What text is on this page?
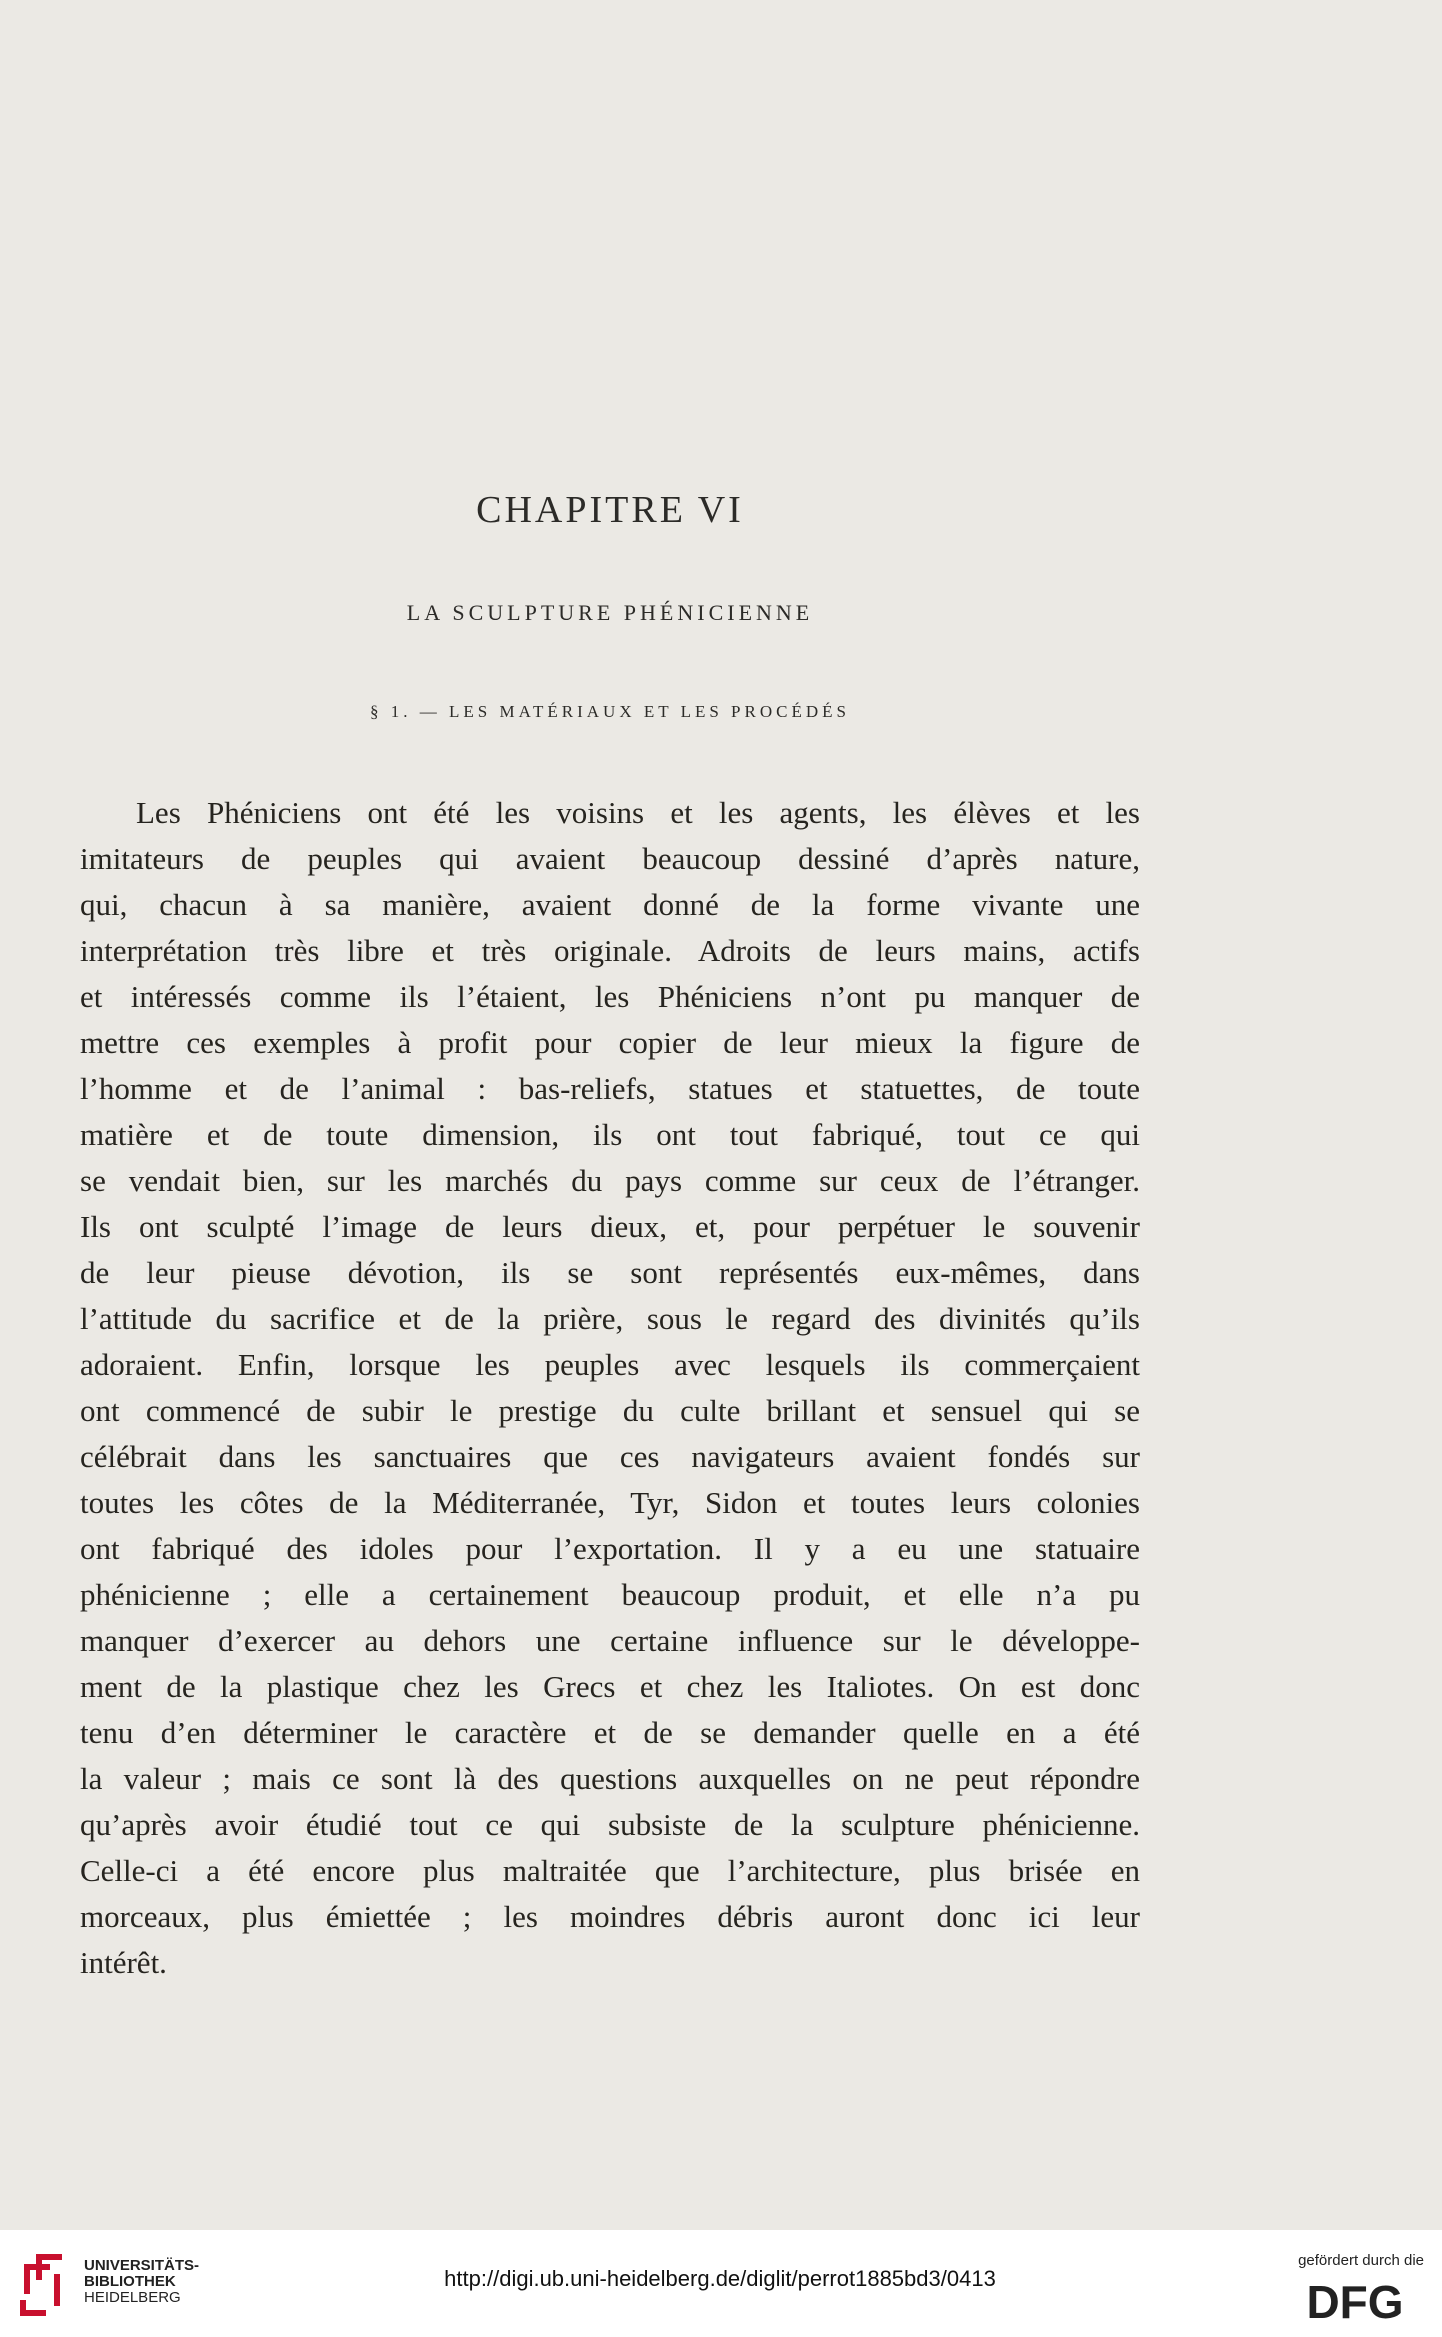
CHAPITRE VI
LA SCULPTURE PHÉNICIENNE
§ 1. — LES MATÉRIAUX ET LES PROCÉDÉS
Les Phéniciens ont été les voisins et les agents, les élèves et les
imitateurs de peuples qui avaient beaucoup dessiné d’après nature,
qui, chacun à sa manière, avaient donné de la forme vivante une
interprétation très libre et très originale. Adroits de leurs mains, actifs
et intéressés comme ils l’étaient, les Phéniciens n’ont pu manquer de
mettre ces exemples à profit pour copier de leur mieux la figure de
l’homme et de l’animal : bas-reliefs, statues et statuettes, de toute
matière et de toute dimension, ils ont tout fabriqué, tout ce qui
se vendait bien, sur les marchés du pays comme sur ceux de l’étranger.
Ils ont sculpté l’image de leurs dieux, et, pour perpétuer le souvenir
de leur pieuse dévotion, ils se sont représentés eux-mêmes, dans
l’attitude du sacrifice et de la prière, sous le regard des divinités qu’ils
adoraient. Enfin, lorsque les peuples avec lesquels ils commerçaient
ont commencé de subir le prestige du culte brillant et sensuel qui se
célébrait dans les sanctuaires que ces navigateurs avaient fondés sur
toutes les côtes de la Méditerranée, Tyr, Sidon et toutes leurs colonies
ont fabriqué des idoles pour l’exportation. Il y a eu une statuaire
phénicienne ; elle a certainement beaucoup produit, et elle n’a pu
manquer d’exercer au dehors une certaine influence sur le développe-
ment de la plastique chez les Grecs et chez les Italiotes. On est donc
tenu d’en déterminer le caractère et de se demander quelle en a été
la valeur ; mais ce sont là des questions auxquelles on ne peut répondre
qu’après avoir étudié tout ce qui subsiste de la sculpture phénicienne.
Celle-ci a été encore plus maltraitée que l’architecture, plus brisée en
morceaux, plus émiettée ; les moindres débris auront donc ici leur
intérêt.
UNIVERSITÄTS-
BIBLIOTHEK
HEIDELBERG
http://digi.ub.uni-heidelberg.de/diglit/perrot1885bd3/0413
gefördert durch die
DFG
